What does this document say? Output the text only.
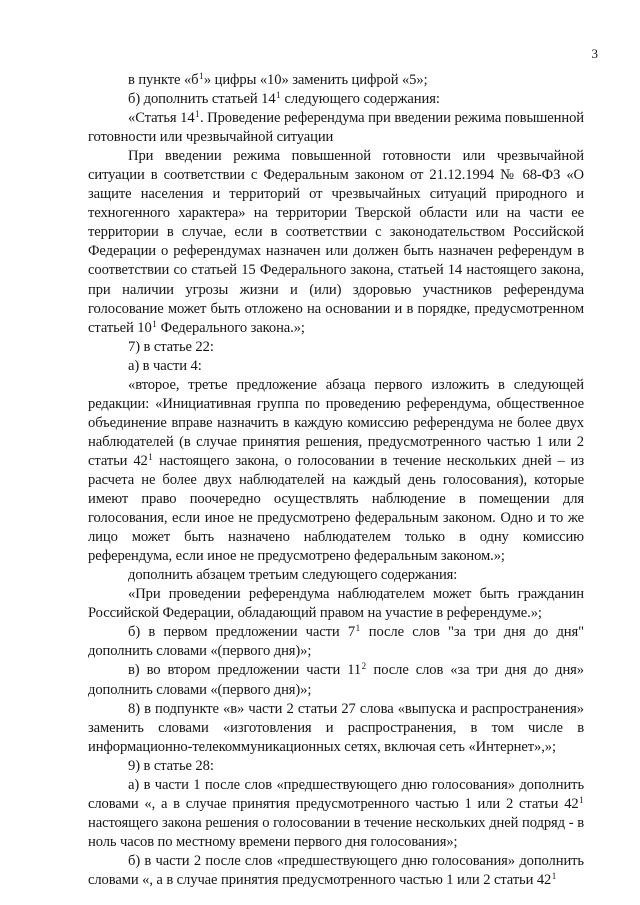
3

в пункте «$б^1$» цифры «10» заменить цифрой «5»;

б) дополнить статьей $14^1$ следующего содержания:

«Статья $14^1$. Проведение референдума при введении режима повышенной готовности или чрезвычайной ситуации

При введении режима повышенной готовности или чрезвычайной ситуации в соответствии с Федеральным законом от 21.12.1994 № 68-ФЗ «О защите населения и территорий от чрезвычайных ситуаций природного и техногенного характера» на территории Тверской области или на части ее территории в случае, если в соответствии с законодательством Российской Федерации о референдумах назначен или должен быть назначен референдум в соответствии со статьей 15 Федерального закона, статьей 14 настоящего закона, при наличии угрозы жизни и (или) здоровью участников референдума голосование может быть отложено на основании и в порядке, предусмотренном статьей $10^1$ Федерального закона.»;

7) в статье 22:

а) в части 4:

«второе, третье предложение абзаца первого изложить в следующей редакции: «Инициативная группа по проведению референдума, общественное объединение вправе назначить в каждую комиссию референдума не более двух наблюдателей (в случае принятия решения, предусмотренного частью 1 или 2 статьи $42^1$ настоящего закона, о голосовании в течение нескольких дней – из расчета не более двух наблюдателей на каждый день голосования), которые имеют право поочередно осуществлять наблюдение в помещении для голосования, если иное не предусмотрено федеральным законом. Одно и то же лицо может быть назначено наблюдателем только в одну комиссию референдума, если иное не предусмотрено федеральным законом.»;

дополнить абзацем третьим следующего содержания:

«При проведении референдума наблюдателем может быть гражданин Российской Федерации, обладающий правом на участие в референдуме.»;

б) в первом предложении части $7^1$ после слов "за три дня до дня" дополнить словами «(первого дня)»;

в) во втором предложении части $11^2$ после слов «за три дня до дня» дополнить словами «(первого дня)»;

8) в подпункте «в» части 2 статьи 27 слова «выпуска и распространения» заменить словами «изготовления и распространения, в том числе в информационно-телекоммуникационных сетях, включая сеть «Интернет»,»;

9) в статье 28:

а) в части 1 после слов «предшествующего дню голосования» дополнить словами «, а в случае принятия предусмотренного частью 1 или 2 статьи $42^1$ настоящего закона решения о голосовании в течение нескольких дней подряд - в ноль часов по местному времени первого дня голосования»;

б) в части 2 после слов «предшествующего дню голосования» дополнить словами «, а в случае принятия предусмотренного частью 1 или 2 статьи $42^1$
